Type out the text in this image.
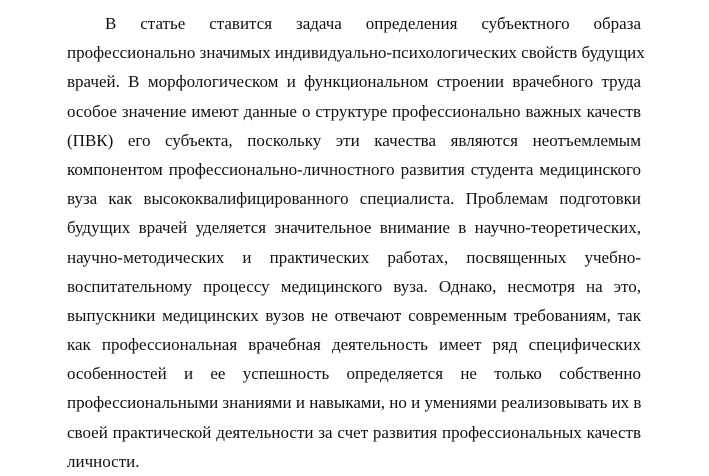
В статье ставится задача определения субъектного образа
профессионально значимых индивидуально-психологических свойств будущих
врачей. В морфологическом и функциональном строении врачебного труда
особое значение имеют данные о структуре профессионально важных качеств
(ПВК) его субъекта, поскольку эти качества являются неотъемлемым
компонентом профессионально-личностного развития студента медицинского
вуза как высококвалифицированного специалиста. Проблемам подготовки
будущих врачей уделяется значительное внимание в научно-теоретических,
научно-методических и практических работах, посвященных учебно-
воспитательному процессу медицинского вуза. Однако, несмотря на это,
выпускники медицинских вузов не отвечают современным требованиям, так
как профессиональная врачебная деятельность имеет ряд специфических
особенностей и ее успешность определяется не только собственно
профессиональными знаниями и навыками, но и умениями реализовывать их в
своей практической деятельности за счет развития профессиональных качеств
личности.
